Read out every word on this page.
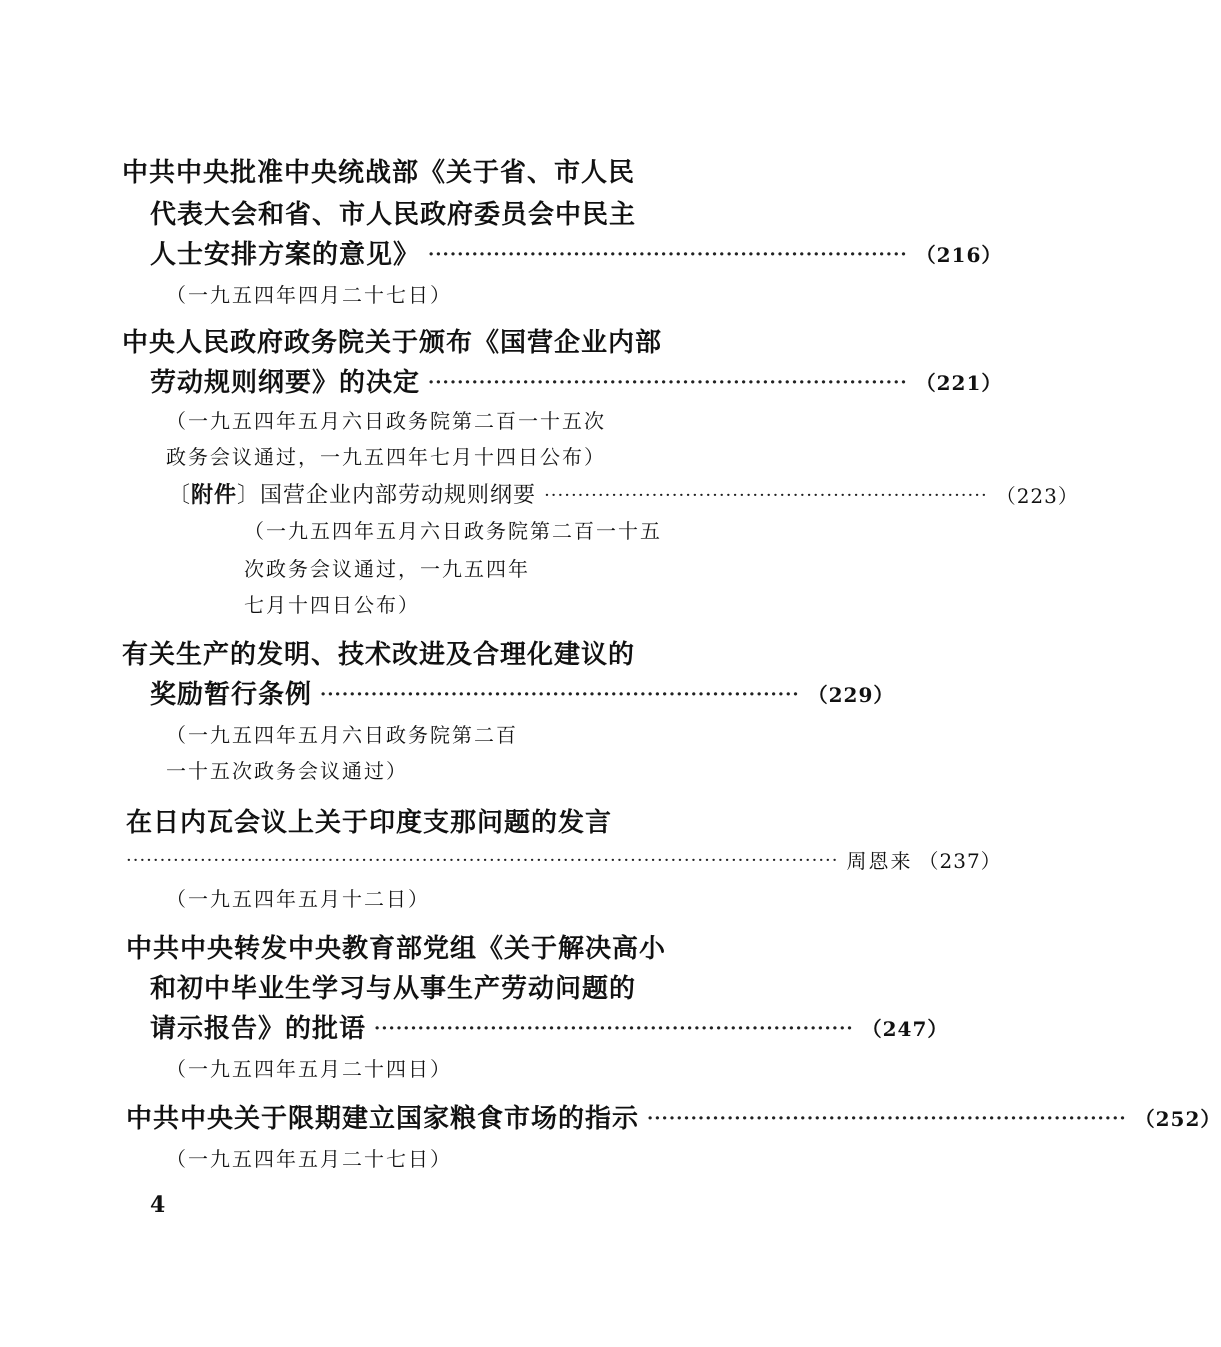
中共中央批准中央统战部《关于省、市人民
代表大会和省、市人民政府委员会中民主
人士安排方案的意见》 ·································································· （216）
（一九五四年四月二十七日）
中央人民政府政务院关于颁布《国营企业内部
劳动规则纲要》的决定 ·································································· （221）
（一九五四年五月六日政务院第二百一十五次
政务会议通过，一九五四年七月十四日公布）
〔附件〕国营企业内部劳动规则纲要 ·································································· （223）
（一九五四年五月六日政务院第二百一十五
次政务会议通过，一九五四年
七月十四日公布）
有关生产的发明、技术改进及合理化建议的
奖励暂行条例 ·································································· （229）
（一九五四年五月六日政务院第二百
一十五次政务会议通过）
在日内瓦会议上关于印度支那问题的发言
·········································································································· 周恩来 （237）
（一九五四年五月十二日）
中共中央转发中央教育部党组《关于解决高小
和初中毕业生学习与从事生产劳动问题的
请示报告》的批语 ·································································· （247）
（一九五四年五月二十四日）
中共中央关于限期建立国家粮食市场的指示 ·································································· （252）
（一九五四年五月二十七日）
4
